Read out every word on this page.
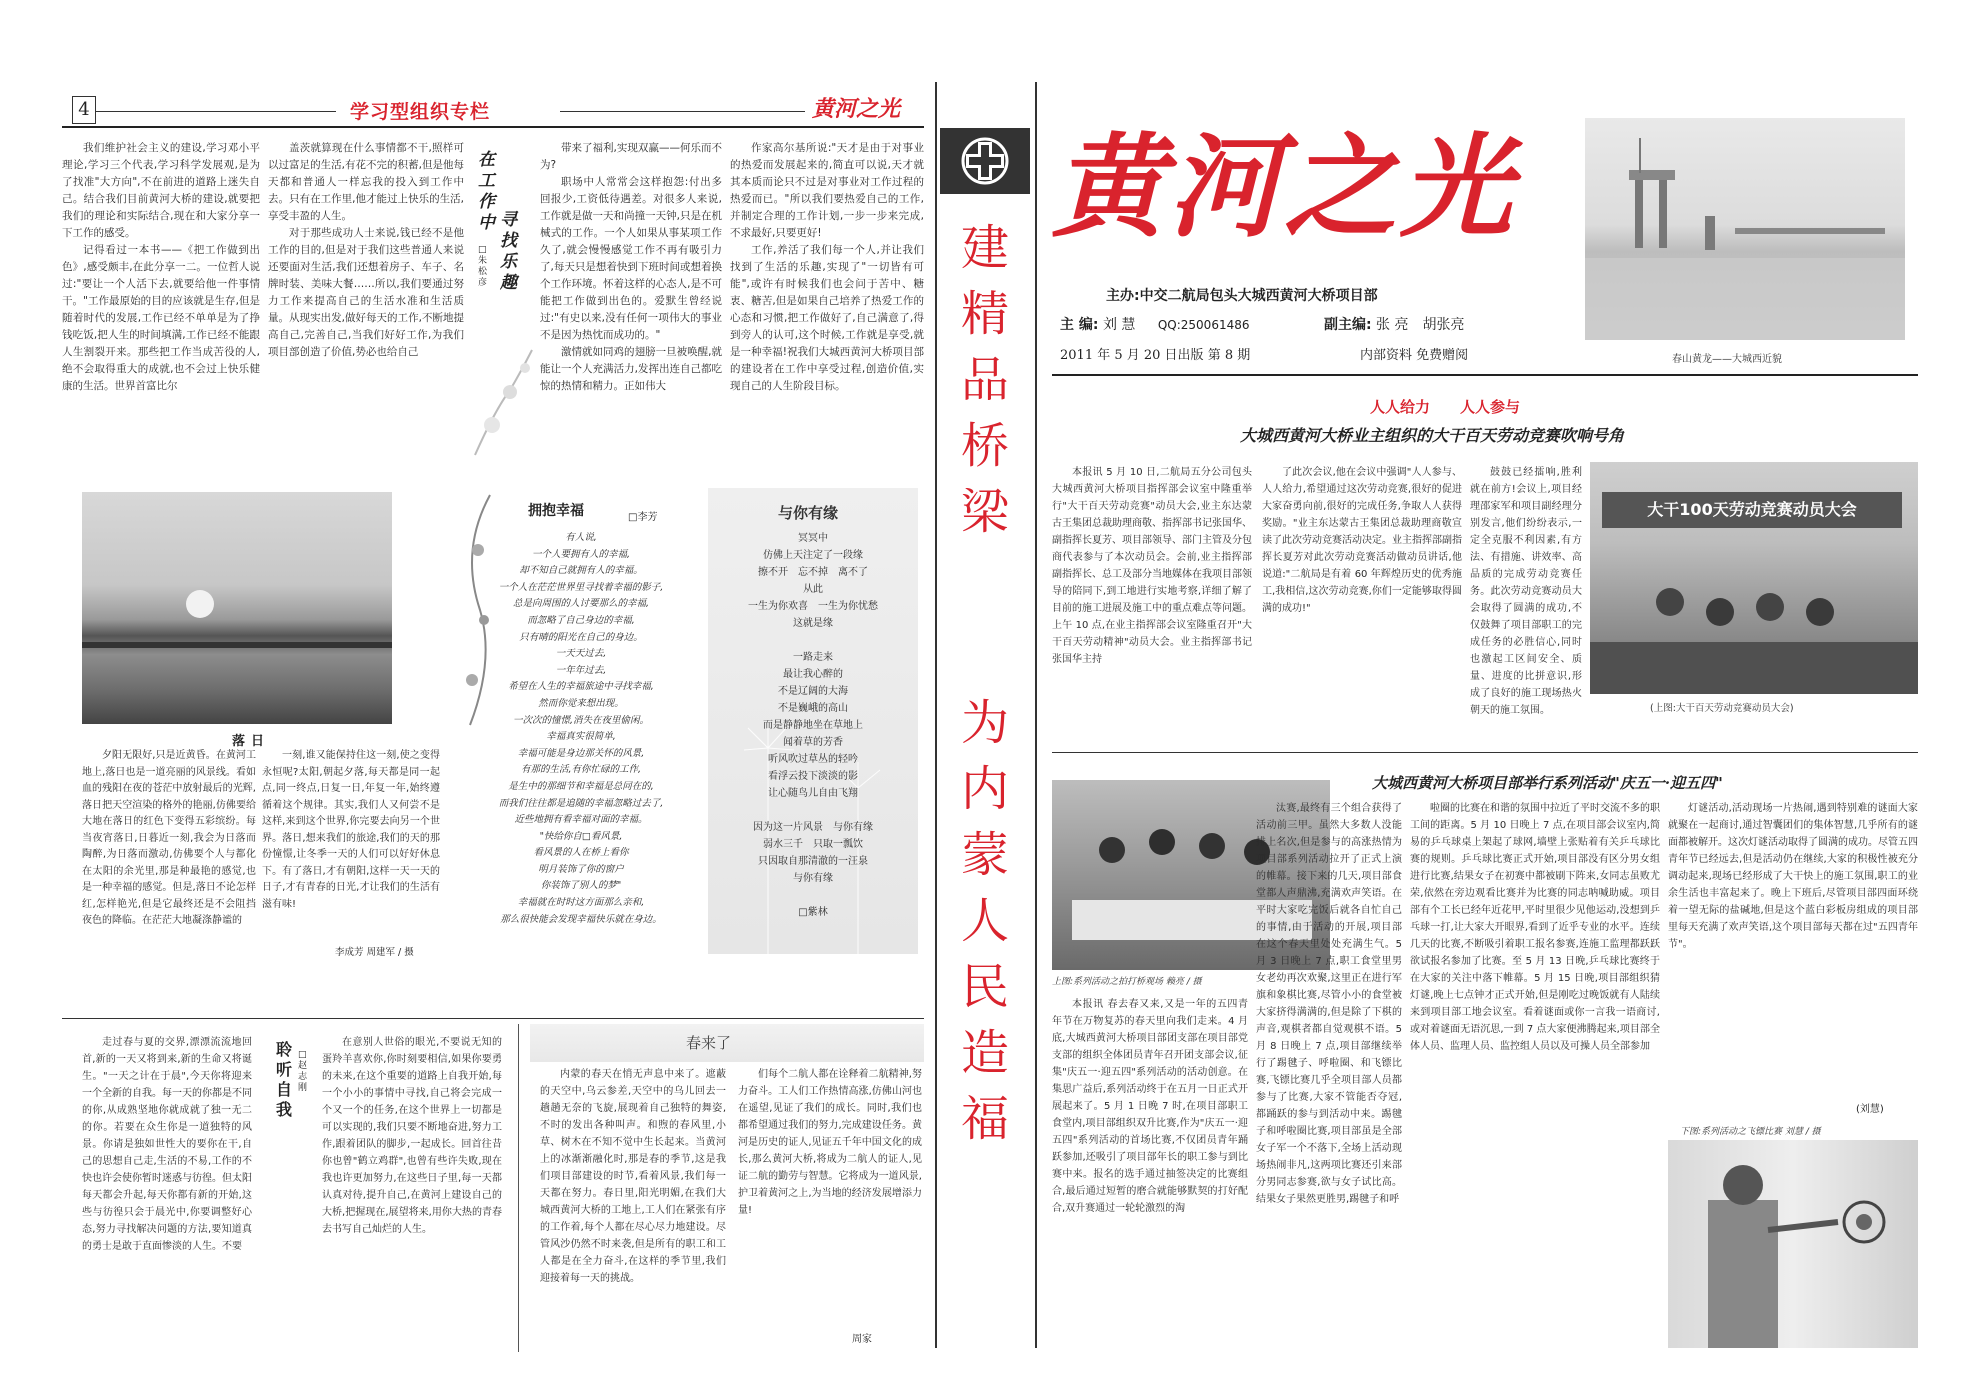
4	学习型组织专栏	黄河之光

我们维护社会主义的建设,学习邓小平理论,学习三个代表,学习科学发展观,是为了找准"大方向",不在前进的道路上迷失自己。结合我们目前黄河大桥的建设,就要把我们的理论和实际结合,现在和大家分享一下工作的感受。

记得看过一本书——《把工作做到出色》,感受颇丰,在此分享一二。一位哲人说过:"要让一个人活下去,就要给他一件事情干。"工作最原始的目的应该就是生存,但是随着时代的发展,工作已经不单单是为了挣钱吃饭,把人生的时间填满,工作已经不能跟人生割裂开来。那些把工作当成苦役的人,绝不会取得重大的成就,也不会过上快乐健康的生活。世界首富比尔

盖茨就算现在什么事情都不干,照样可以过富足的生活,有花不完的积蓄,但是他每天都和普通人一样忘我的投入到工作中去。只有在工作里,他才能过上快乐的生活,享受丰盈的人生。

对于那些成功人士来说,钱已经不是他工作的目的,但是对于我们这些普通人来说还要面对生活,我们还想着房子、车子、名牌时装、美味大餐……所以,我们要通过努力工作来提高自己的生活水准和生活质量。从现实出发,做好每天的工作,不断地提高自己,完善自己,当我们好好工作,为我们项目部创造了价值,势必也给自己

在
工
作
中 寻
找
乐
趣
□朱松彦

带来了福利,实现双赢——何乐而不为?

职场中人常常会这样抱怨:付出多回报少,工资低待遇差。对很多人来说,工作就是做一天和尚撞一天钟,只是在机械式的工作。一个人如果从事某项工作久了,就会慢慢感觉工作不再有吸引力了,每天只是想着快到下班时间或想着换个工作环境。怀着这样的心态人,是不可能把工作做到出色的。爱默生曾经说过:"有史以来,没有任何一项伟大的事业不是因为热忱而成功的。"

激情就如同鸡的翅膀一旦被唤醒,就能让一个人充满活力,发挥出连自己都吃惊的热情和精力。正如伟大

作家高尔基所说:"天才是由于对事业的热爱而发展起来的,简直可以说,天才就其本质而论只不过是对事业对工作过程的热爱而已。"所以我们要热爱自己的工作,并制定合理的工作计划,一步一步来完成,不求最好,只要更好!

工作,养活了我们每一个人,并让我们找到了生活的乐趣,实现了"一切皆有可能",或许有时候我们也会问于苦中、糖衷、糖苦,但是如果自己培养了热爱工作的心态和习惯,把工作做好了,自己满意了,得到旁人的认可,这个时候,工作就是享受,就是一种幸福!祝我们大城西黄河大桥项目部的建设者在工作中享受过程,创造价值,实现自己的人生阶段目标。

落日

夕阳无限好,只是近黄昏。在黄河工地上,落日也是一道亮丽的风景线。看如血的残阳在夜的苍茫中放射最后的光辉,落日把天空渲染的格外的艳丽,仿佛要给大地在落日的红色下变得五彩缤纷。每当夜宵落日,日暮近一刻,我会为日落而陶醉,为日落而激动,仿佛要个人与都化在太阳的余光里,那是种最艳的感觉,也是一种幸福的感觉。但是,落日不论怎样红,怎样艳光,但是它最终还是不会阻挡夜色的降临。在茫茫大地凝涤静谧的

一刻,谁又能保持住这一刻,使之变得永恒呢?太阳,朝起夕落,每天都是同一起点,同一终点,日复一日,年复一年,始终遵循着这个规律。其实,我们人又何尝不是这样,来到这个世界,你完要去向另一个世界。落日,想来我们的旅途,我们的天的那份憧憬,让冬季一天的人们可以好好休息下。有了落日,才有朝阳,这样一天一天的日子,才有青春的日光,才让我们的生活有滋有味!

李成芳 周建军 / 摄
拥抱幸福	□李芳
有人说,
一个人要拥有人的幸福,
却不知自己就拥有人的幸福。
一个人在茫茫世界里寻找着幸福的影子,
总是向周围的人讨要那么的幸福,
而忽略了自己身边的幸福,
只有晴的阳光在自己的身边。
一天天过去,
一年年过去,
希望在人生的幸福旅途中寻找幸福,
然而你觉来想出现。
一次次的憧憬,消失在夜里偷闲。
幸福真实很简单,
幸福可能是身边那关怀的风景,
有那的生活,有你忙碌的工作,
是生中的那细节和幸福是总同在的,
而我们往往都是追随的幸福忽略过去了,
近些地拥有看幸福对面的幸福。
"快给你自□看风景,
看风景的人在桥上看你
明月装饰了你的窗户
你装饰了别人的梦"
幸福就在时时这方面那么亲和,
那么很快能会发现幸福快乐就在身边。
与你有缘
冥冥中
仿佛上天注定了一段缘
擦不开　忘不掉　离不了
从此
一生为你欢喜　一生为你忧愁
这就是缘
一路走来
最让我心醉的
不是辽阔的大海
不是巍峨的高山
而是静静地坐在草地上
闻着草的芳香
听风吹过草丛的轻吟
看浮云投下淡淡的影
让心随鸟儿自由飞翔
因为这一片风景　与你有缘
弱水三千　只取一瓢饮
只因取自那清澈的一汪泉
与你有缘
□紫林

走过春与夏的交界,漂漂流流地回首,新的一天又将到来,新的生命又将诞生。"一天之计在于晨",今天你将迎来一个全新的自我。每一天的你都是不同的你,从成熟坚地你就成就了独一无二的你。若要在众生你是一道独特的风景。你请是独如世性大的要你在干,自己的思想自己走,生活的不易,工作的不快也许会使你暂时迷惑与彷徨。但太阳每天都会升起,每天你都有新的开始,这些与彷徨只会于晨光中,你要调整好心态,努力寻找解决问题的方法,要知道真的勇士是敢于直面惨淡的人生。不要

聆
听
自
我
□赵志刚

在意别人世俗的眼光,不要说无知的蛋羚羊喜欢你,你时刻要相信,如果你要勇的未来,在这个重要的道路上自我开始,每一个小小的事情中寻找,自己将会完成一个又一个的任务,在这个世界上一切都是可以实现的,我们只要不断地奋进,努力工作,跟着团队的脚步,一起成长。回首往昔你也曾"鹤立鸡群",也曾有些许失败,现在我也许更加努力,在这些日子里,每一天都认真对待,提升自己,在黄河上建设自己的大桥,把握现在,展望将来,用你大热的青春去书写自己灿烂的人生。

春来了

内蒙的春天在悄无声息中来了。遮蔽的天空中,乌云参差,天空中的乌儿回去一趟趟无奈的飞旋,展现着自己独特的舞姿,不时的发出各种叫声。和煦的春风里,小草、树木在不知不觉中生长起来。当黄河上的冰渐渐融化时,那是春的季节,这是我们项目部建设的时节,看着风景,我们每一天都在努力。春日里,阳光明媚,在我们大城西黄河大桥的工地上,工人们在紧张有序的工作着,每个人都在尽心尽力地建设。尽管风沙仍然不时来袭,但是所有的职工和工人都是在全力奋斗,在这样的季节里,我们迎接着每一天的挑战。

们每个二航人都在诠释着二航精神,努力奋斗。工人们工作热情高涨,仿佛山河也在遥望,见证了我们的成长。同时,我们也都希望通过我们的努力,完成建设任务。黄河是历史的证人,见证五千年中国文化的成长,那么黄河大桥,将成为二航人的证人,见证二航的勤劳与智慧。它将成为一道风景,护卫着黄河之上,为当地的经济发展增添力量!

周家
建
精
品
桥
梁
为
内
蒙
人
民
造
福
黄河之光
主办:中交二航局包头大城西黄河大桥项目部
主 编: 刘 慧 QQ:250061486	副主编: 张 亮　胡张亮
2011 年 5 月 20 日出版 第 8 期	内部资料 免费赠阅	春山黄龙——大城西近貌
人人给力　　人人参与
大城西黄河大桥业主组织的大干百天劳动竞赛吹响号角

本报讯 5 月 10 日,二航局五分公司包头大城西黄河大桥项目指挥部会议室中隆重举行"大干百天劳动竞赛"动员大会,业主东达蒙古王集团总裁助理商敬、指挥部书记张国华、副指挥长夏芳、项目部领导、部门主管及分包商代表参与了本次动员会。会前,业主指挥部副指挥长、总工及部分当地媒体在我项目部领导的陪同下,到工地进行实地考察,详细了解了目前的施工进展及施工中的重点难点等问题。上午 10 点,在业主指挥部会议室隆重召开"大干百天劳动精神"动员大会。业主指挥部书记张国华主持

了此次会议,他在会议中强调"人人参与、人人给力,希望通过这次劳动竞赛,很好的促进大家奋勇向前,很好的完成任务,争取人人获得奖励。"业主东达蒙古王集团总裁助理商敬宣读了此次劳动竞赛活动决定。业主指挥部副指挥长夏芳对此次劳动竞赛活动做动员讲话,他说道:"二航局是有着 60 年辉煌历史的优秀施工,我相信,这次劳动竞赛,你们一定能够取得圆满的成功!"

鼓鼓已经擂响,胜利就在前方!会议上,项目经理邵家军和项目副经理分别发言,他们纷纷表示,一定全克服不利因素,有方法、有措施、讲效率、高品质的完成劳动竞赛任务。此次劳动竞赛动员大会取得了圆满的成功,不仅鼓舞了项目部职工的完成任务的必胜信心,同时也激起工区间安全、质量、进度的比拼意识,形成了良好的施工现场热火朝天的施工氛围。

大干100天劳动竞赛动员大会
(上图:大干百天劳动竞赛动员大会)
大城西黄河大桥项目部举行系列活动"庆五一·迎五四"
上图:系列活动之拍打桥观场 赖亮 / 摄

本报讯 春去春又来,又是一年的五四青年节在万物复苏的春天里向我们走来。4 月底,大城西黄河大桥项目部团支部在项目部党支部的组织全体团员青年召开团支部会议,征集"庆五一·迎五四"系列活动的活动创意。在集思广益后,系列活动终于在五月一日正式开展起来了。5 月 1 日晚 7 时,在项目部职工食堂内,项目部组织双升比赛,作为"庆五一·迎五四"系列活动的首场比赛,不仅团员青年踊跃参加,还吸引了项目部年长的职工参与到比赛中来。报名的选手通过抽签决定的比赛组合,最后通过短暂的磨合就能够默契的打好配合,双升赛通过一轮轮激烈的淘

汰赛,最终有三个组合获得了活动前三甲。虽然大多数人没能排上名次,但是参与的高涨热情为项目部系列活动拉开了正式上演的帷幕。接下来的几天,项目部食堂都人声鼎沸,充满欢声笑语。在平时大家吃完饭后就各自忙自己的事情,由于活动的开展,项目部在这个春天里处处充满生气。5 月 3 日晚上 7 点,职工食堂里男女老幼再次欢聚,这里正在进行军旗和象棋比赛,尽管小小的食堂被大家挤得满满的,但是除了下棋的声音,观棋者都自觉观棋不语。5 月 8 日晚上 7 点,项目部继续举行了踢毽子、呼啦圈、和飞镖比赛,飞镖比赛几乎全项目部人员都参与了比赛,大家不管能否夺冠,都踊跃的参与到活动中来。踢毽子和呼啦圈比赛,项目部虽是全部女子军一个不落下,全场上活动现场热闹非凡,这两项比赛还引来部分男同志参赛,欲与女子试比高。结果女子果然更胜男,踢毽子和呼

啦圈的比赛在和谐的氛围中拉近了平时交流不多的职工间的距离。5 月 10 日晚上 7 点,在项目部会议室内,简易的乒乓球桌上架起了球网,墙壁上张贴着有关乒乓球比赛的规则。乒乓球比赛正式开始,项目部没有区分男女组进行比赛,结果女子在初赛中都被刷下阵来,女同志虽败尤荣,依然在旁边观看比赛并为比赛的同志呐喊助威。项目部有个工长已经年近花甲,平时里很少见他运动,没想到乒乓球一打,让大家大开眼界,看到了近乎专业的水平。连续几天的比赛,不断吸引着职工报名参赛,连施工监理都跃跃欲试报名参加了比赛。至 5 月 13 日晚,乒乓球比赛终于在大家的关注中落下帷幕。5 月 15 日晚,项目部组织猜灯谜,晚上七点钟才正式开始,但是刚吃过晚饭就有人陆续来到项目部工地会议室。看着谜面或你一言我一语商讨,或对着谜面无语沉思,一到 7 点大家便沸腾起来,项目部全体人员、监理人员、监控组人员以及可操人员全部参加

灯谜活动,活动现场一片热闹,遇到特别难的谜面大家就聚在一起商讨,通过智囊团们的集体智慧,几乎所有的谜面都被解开。这次灯谜活动取得了圆满的成功。尽管五四青年节已经远去,但是活动仍在继续,大家的积极性被充分调动起来,现场已经形成了大干快上的施工氛围,职工的业余生活也丰富起来了。晚上下班后,尽管项目部四面环绕着一望无际的盐碱地,但是这个蓝白彩板房组成的项目部里每天充满了欢声笑语,这个项目部每天都在过"五四青年节"。

(刘慧)
下图:系列活动之飞镖比赛 刘慧 / 摄
